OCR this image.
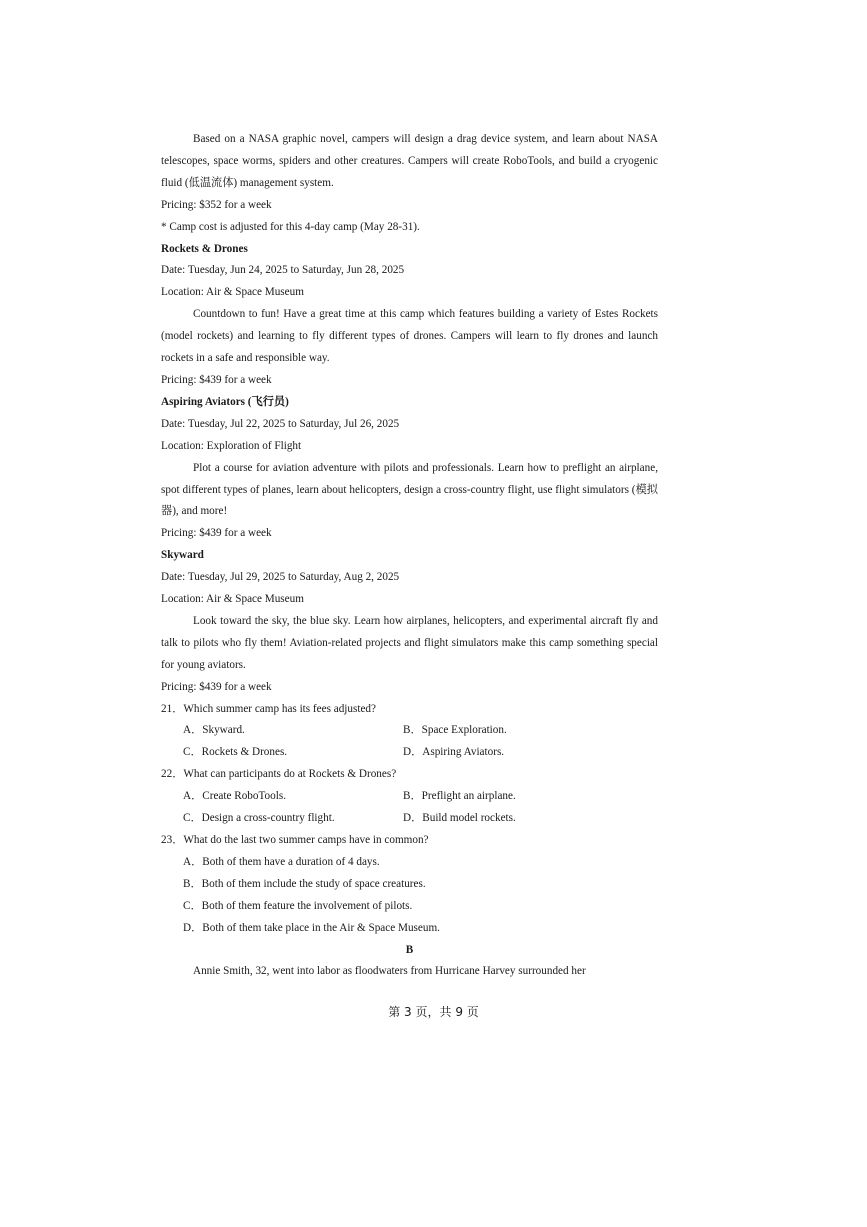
Based on a NASA graphic novel, campers will design a drag device system, and learn about NASA telescopes, space worms, spiders and other creatures. Campers will create RoboTools, and build a cryogenic fluid (低温流体) management system.

Pricing: $352 for a week

* Camp cost is adjusted for this 4-day camp (May 28-31).

Rockets & Drones

Date: Tuesday, Jun 24, 2025 to Saturday, Jun 28, 2025

Location: Air & Space Museum

Countdown to fun! Have a great time at this camp which features building a variety of Estes Rockets (model rockets) and learning to fly different types of drones. Campers will learn to fly drones and launch rockets in a safe and responsible way.

Pricing: $439 for a week

Aspiring Aviators (飞行员)

Date: Tuesday, Jul 22, 2025 to Saturday, Jul 26, 2025

Location: Exploration of Flight

Plot a course for aviation adventure with pilots and professionals. Learn how to preflight an airplane, spot different types of planes, learn about helicopters, design a cross-country flight, use flight simulators (模拟器), and more!

Pricing: $439 for a week

Skyward

Date: Tuesday, Jul 29, 2025 to Saturday, Aug 2, 2025

Location: Air & Space Museum

Look toward the sky, the blue sky. Learn how airplanes, helicopters, and experimental aircraft fly and talk to pilots who fly them! Aviation-related projects and flight simulators make this camp something special for young aviators.

Pricing: $439 for a week

21．Which summer camp has its fees adjusted?

A．Skyward.	B．Space Exploration.
C．Rockets & Drones.	D．Aspiring Aviators.

22．What can participants do at Rockets & Drones?

A．Create RoboTools.	B．Preflight an airplane.
C．Design a cross-country flight.	D．Build model rockets.

23．What do the last two summer camps have in common?

A．Both of them have a duration of 4 days.

B．Both of them include the study of space creatures.

C．Both of them feature the involvement of pilots.

D．Both of them take place in the Air & Space Museum.

B

Annie Smith, 32, went into labor as floodwaters from Hurricane Harvey surrounded her

第 3 页，共 9 页
